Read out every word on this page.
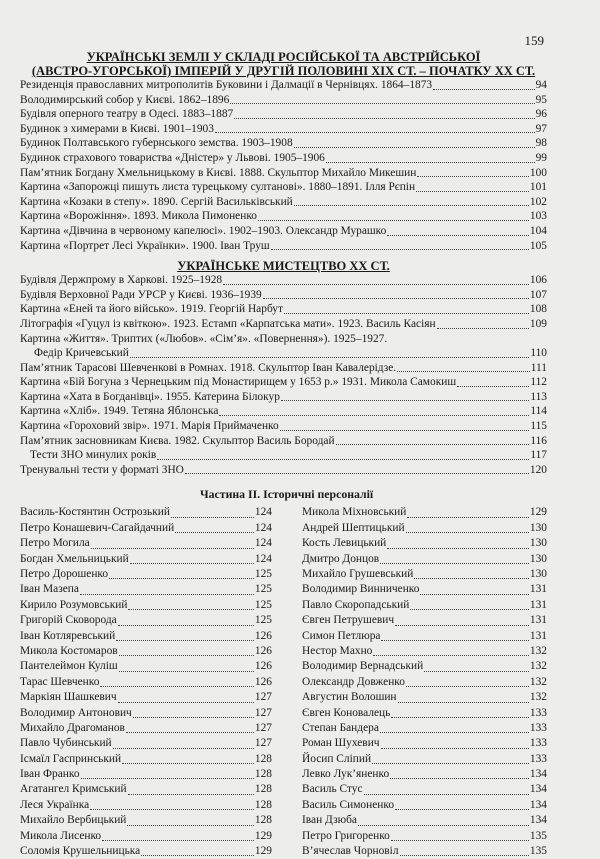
159

УКРАЇНСЬКІ ЗЕМЛІ У СКЛАДІ РОСІЙСЬКОЇ ТА АВСТРІЙСЬКОЇ

(АВСТРО-УГОРСЬКОЇ) ІМПЕРІЙ У ДРУГІЙ ПОЛОВИНІ ХІХ СТ. – ПОЧАТКУ ХХ СТ.

Резиденція православних митрополитів Буковини і Далмації в Чернівцях. 1864–1873	94
Володимирський собор у Києві. 1862–1896	95
Будівля оперного театру в Одесі. 1883–1887	96
Будинок з химерами в Києві. 1901–1903	97
Будинок Полтавського губернського земства. 1903–1908	98
Будинок страхового товариства «Дністер» у Львові. 1905–1906	99
Пам’ятник Богдану Хмельницькому в Києві. 1888. Скульптор Михайло Микешин	100
Картина «Запорожці пишуть листа турецькому султанові». 1880–1891. Ілля Рєпін	101
Картина «Козаки в степу». 1890. Сергій Васильківський	102
Картина «Ворожіння». 1893. Микола Пимоненко	103
Картина «Дівчина в червоному капелюсі». 1902–1903. Олександр Мурашко	104
Картина «Портрет Лесі Українки». 1900. Іван Труш	105

УКРАЇНСЬКЕ МИСТЕЦТВО ХХ СТ.

Будівля Держпрому в Харкові. 1925–1928	106
Будівля Верховної Ради УРСР у Києві. 1936–1939	107
Картина «Еней та його військо». 1919. Георгій Нарбут	108
Літографія «Гуцул із квіткою». 1923. Естамп «Карпатська мати». 1923. Василь Касіян	109
Картина «Життя». Триптих («Любов». «Сім’я». «Повернення»). 1925–1927.
Федір Кричевський	110
Пам’ятник Тарасові Шевченкові в Ромнах. 1918. Скульптор Іван Кавалерідзе.	111
Картина «Бій Богуна з Чернецьким під Монастирищем у 1653 р.» 1931. Микола Самокиш	112
Картина «Хата в Богданівці». 1955. Катерина Білокур	113
Картина «Хліб». 1949. Тетяна Яблонська	114
Картина «Гороховий звір». 1971. Марія Приймаченко	115
Пам’ятник засновникам Києва. 1982. Скульптор Василь Бородай	116
Тести ЗНО минулих років	117
Тренувальні тести у форматі ЗНО	120
Частина ІІ. Історичні персоналії
Василь-Костянтин Острозький	124
Петро Конашевич-Сагайдачний	124
Петро Могила	124
Богдан Хмельницький	124
Петро Дорошенко	125
Іван Мазепа	125
Кирило Розумовський	125
Григорій Сковорода	125
Іван Котляревський	126
Микола Костомаров	126
Пантелеймон Куліш	126
Тарас Шевченко	126
Маркіян Шашкевич	127
Володимир Антонович	127
Михайло Драгоманов	127
Павло Чубинський	127
Ісмаїл Гаспринський	128
Іван Франко	128
Агатангел Кримський	128
Леся Українка	128
Михайло Вербицький	128
Микола Лисенко	129
Соломія Крушельницька	129
Микола Міхновський	129
Андрей Шептицький	130
Кость Левицький	130
Дмитро Донцов	130
Михайло Грушевський	130
Володимир Винниченко	131
Павло Скоропадський	131
Євген Петрушевич	131
Симон Петлюра	131
Нестор Махно	132
Володимир Вернадський	132
Олександр Довженко	132
Августин Волошин	132
Євген Коновалець	133
Степан Бандера	133
Роман Шухевич	133
Йосип Сліпий	133
Левко Лук’яненко	134
Василь Стус	134
Василь Симоненко	134
Іван Дзюба	134
Петро Григоренко	135
В’ячеслав Чорновіл	135
